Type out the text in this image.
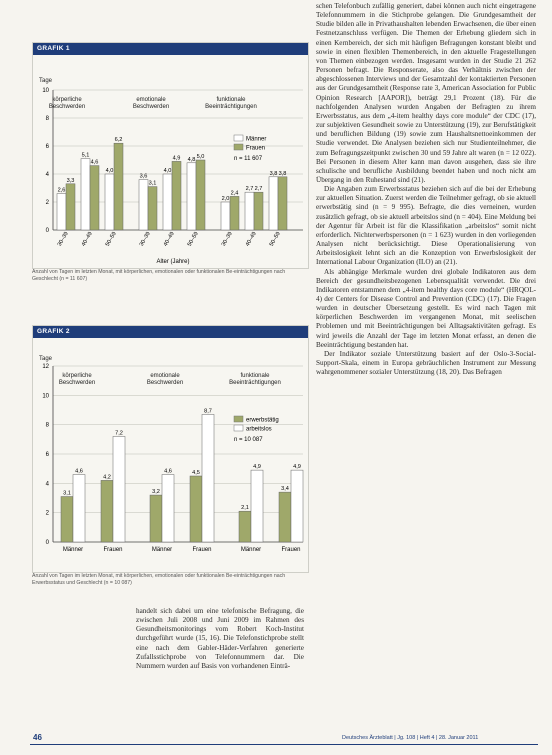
GRAFIK 1
0
2
4
6
8
10
2,6
3,3
30–39
5,1
4,6
40–49
4,0
6,2
50–59
3,6
3,1
30–39
4,0
4,9
40–49
4,8 5,0
50–59
2,0
2,4
30–39
2,7 2,7
40–49
3,8 3,8
50–59
Tage
körperliche
Beschwerden
emotionale
Beschwerden
funktionale
Beeinträchtigungen
Männer
Frauen
n = 11 607
Alter (Jahre)
Anzahl von Tagen im letzten Monat, mit körperlichen, emotionalen oder funktionalen Be-einträchtigungen nach Geschlecht (n = 11 607)
GRAFIK 2
0
2
4
6
8
10
12
3,1
4,6
Männer
4,2
7,2
Frauen
3,2
4,6
Männer
4,5
8,7
Frauen
2,1
4,9
Männer
3,4
4,9
Frauen
Tage
körperliche
Beschwerden
emotionale
Beschwerden
funktionale
Beeinträchtigungen
erwerbstätig
arbeitslos
n = 10 087
Anzahl von Tagen im letzten Monat, mit körperlichen, emotionalen oder funktionalen Be-einträchtigungen nach Erwerbsstatus und Geschlecht (n = 10 087)

schen Telefonbuch zufällig generiert, dabei können auch nicht eingetragene Telefonnummern in die Stichprobe gelangen. Die Grundgesamtheit der Studie bilden alle in Privathaushalten lebenden Erwachsenen, die über einen Festnetzanschluss verfügen. Die Themen der Erhebung gliedern sich in einen Kernbereich, der sich mit häufigen Befragungen konstant bleibt und sowie in einen flexiblen Themenbereich, in den aktuelle Fragestellungen von Themen einbezogen werden. Insgesamt wurden in der Studie 21 262 Personen befragt. Die Responserate, also das Verhältnis zwischen der abgeschlossenen Interviews und der Gesamtzahl der kontaktierten Personen aus der Grundgesamtheit (Response rate 3, American Association for Public Opinion Research [AAPOR]), beträgt 29,1 Prozent (18). Für die nachfolgenden Analysen wurden Angaben der Befragten zu ihrem Erwerbsstatus, aus dem „4-item healthy days core module“ der CDC (17), zur subjektiven Gesundheit sowie zu Unterstützung (19), zur Berufstätigkeit und beruflichen Bildung (19) sowie zum Haushaltsnettoeinkommen der Studie verwendet. Die Analysen beziehen sich nur Studienteilnehmer, die zum Befragungszeitpunkt zwischen 30 und 59 Jahre alt waren (n = 12 022). Bei Personen in diesem Alter kann man davon ausgehen, dass sie ihre schulische und berufliche Ausbildung beendet haben und noch nicht am Übergang in den Ruhestand sind (21).

Die Angaben zum Erwerbsstatus beziehen sich auf die bei der Erhebung zur aktuellen Situation. Zuerst werden die Teilnehmer gefragt, ob sie aktuell erwerbstätig sind (n = 9 995). Befragte, die dies verneinen, wurden zusätzlich gefragt, ob sie aktuell arbeitslos sind (n = 404). Eine Meldung bei der Agentur für Arbeit ist für die Klassifikation „arbeitslos“ somit nicht erforderlich. Nichterwerbspersonen (n = 1 623) wurden in den vorliegenden Analysen nicht berücksichtigt. Diese Operationalisierung von Arbeitslosigkeit lehnt sich an die Konzeption von Erwerbslosigkeit der International Labour Organization (ILO) an (21).

Als abhängige Merkmale wurden drei globale Indikatoren aus dem Bereich der gesundheitsbezogenen Lebensqualität verwendet. Die drei Indikatoren entstammen dem „4-item healthy days core module“ (HRQOL-4) der Centers for Disease Control and Prevention (CDC) (17). Die Fragen wurden in deutscher Übersetzung gestellt. Es wird nach Tagen mit körperlichen Beschwerden im vergangenen Monat, mit seelischen Problemen und mit Beeinträchtigungen bei Alltagsaktivitäten gefragt. Es wird jeweils die Anzahl der Tage im letzten Monat erfasst, an denen die Beeinträchtigung bestanden hat.

Der Indikator soziale Unterstützung basiert auf der Oslo-3-Social-Support-Skala, einem in Europa gebräuchlichen Instrument zur Messung wahrgenommener sozialer Unterstützung (18, 20). Das Befragen

handelt sich dabei um eine telefonische Befragung, die zwischen Juli 2008 und Juni 2009 im Rahmen des Gesundheitsmonitorings vom Robert Koch-Institut durchgeführt wurde (15, 16). Die Telefonstichprobe stellt eine nach dem Gabler-Häder-Verfahren generierte Zufallsstichprobe von Telefonnummern dar. Die Nummern wurden auf Basis von vorhandenen Einträ-

46	Deutsches Ärzteblatt | Jg. 108 | Heft 4 | 28. Januar 2011
